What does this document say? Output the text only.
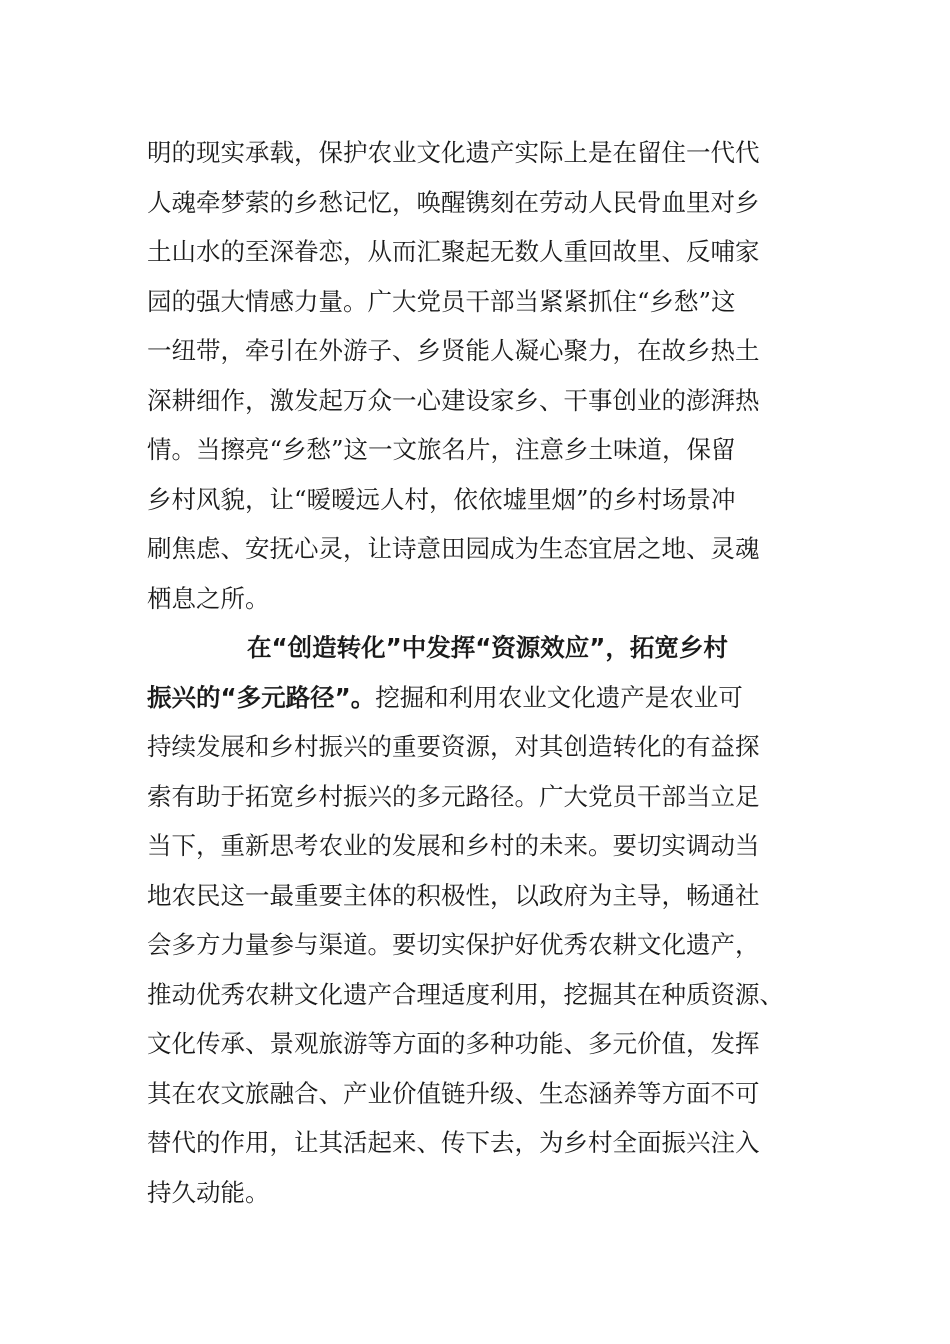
明的现实承载，保护农业文化遗产实际上是在留住一代代
人魂牵梦萦的乡愁记忆，唤醒镌刻在劳动人民骨血里对乡
土山水的至深眷恋，从而汇聚起无数人重回故里、反哺家
园的强大情感力量。广大党员干部当紧紧抓住“乡愁”这
一纽带，牵引在外游子、乡贤能人凝心聚力，在故乡热土
深耕细作，激发起万众一心建设家乡、干事创业的澎湃热
情。当擦亮“乡愁”这一文旅名片，注意乡土味道，保留
乡村风貌，让“暧暧远人村，依依墟里烟”的乡村场景冲
刷焦虑、安抚心灵，让诗意田园成为生态宜居之地、灵魂
栖息之所。
在“创造转化”中发挥“资源效应”，拓宽乡村
振兴的“多元路径”。挖掘和利用农业文化遗产是农业可
持续发展和乡村振兴的重要资源，对其创造转化的有益探
索有助于拓宽乡村振兴的多元路径。广大党员干部当立足
当下，重新思考农业的发展和乡村的未来。要切实调动当
地农民这一最重要主体的积极性，以政府为主导，畅通社
会多方力量参与渠道。要切实保护好优秀农耕文化遗产，
推动优秀农耕文化遗产合理适度利用，挖掘其在种质资源、
文化传承、景观旅游等方面的多种功能、多元价值，发挥
其在农文旅融合、产业价值链升级、生态涵养等方面不可
替代的作用，让其活起来、传下去，为乡村全面振兴注入
持久动能。
